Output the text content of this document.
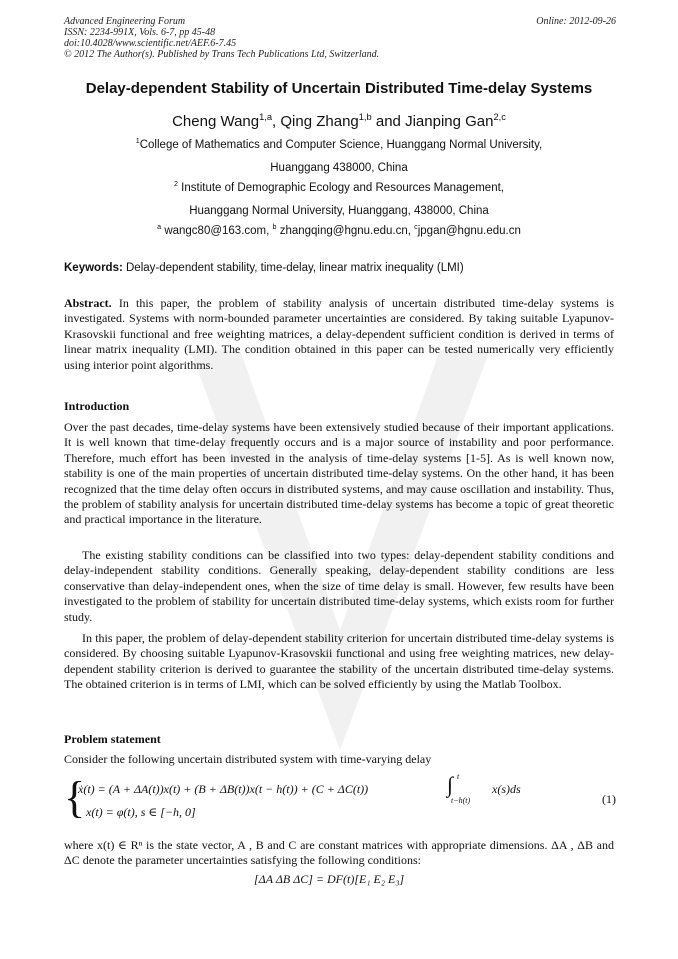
Advanced Engineering Forum
ISSN: 2234-991X, Vols. 6-7, pp 45-48
doi:10.4028/www.scientific.net/AEF.6-7.45
© 2012 The Author(s). Published by Trans Tech Publications Ltd, Switzerland.
Online: 2012-09-26
Delay-dependent Stability of Uncertain Distributed Time-delay Systems
Cheng Wang$^{1,a}$, Qing Zhang$^{1,b}$ and Jianping Gan$^{2,c}$
$^1$College of Mathematics and Computer Science, Huanggang Normal University,
Huanggang 438000, China
$^2$ Institute of Demographic Ecology and Resources Management,
Huanggang Normal University, Huanggang, 438000, China
$^a$ wangc80@163.com, $^b$ zhangqing@hgnu.edu.cn, $^c$jpgan@hgnu.edu.cn
Keywords: Delay-dependent stability, time-delay, linear matrix inequality (LMI)
Abstract. In this paper, the problem of stability analysis of uncertain distributed time-delay systems is investigated. Systems with norm-bounded parameter uncertainties are considered. By taking suitable Lyapunov-Krasovskii functional and free weighting matrices, a delay-dependent sufficient condition is derived in terms of linear matrix inequality (LMI). The condition obtained in this paper can be tested numerically very efficiently using interior point algorithms.
Introduction
Over the past decades, time-delay systems have been extensively studied because of their important applications. It is well known that time-delay frequently occurs and is a major source of instability and poor performance. Therefore, much effort has been invested in the analysis of time-delay systems [1-5]. As is well known now, stability is one of the main properties of uncertain distributed time-delay systems. On the other hand, it has been recognized that the time delay often occurs in distributed systems, and may cause oscillation and instability. Thus, the problem of stability analysis for uncertain distributed time-delay systems has become a topic of great theoretic and practical importance in the literature.
The existing stability conditions can be classified into two types: delay-dependent stability conditions and delay-independent stability conditions. Generally speaking, delay-dependent stability conditions are less conservative than delay-independent ones, when the size of time delay is small. However, few results have been investigated to the problem of stability for uncertain distributed time-delay systems, which exists room for further study.
In this paper, the problem of delay-dependent stability criterion for uncertain distributed time-delay systems is considered. By choosing suitable Lyapunov-Krasovskii functional and using free weighting matrices, new delay-dependent stability criterion is derived to guarantee the stability of the uncertain distributed time-delay systems. The obtained criterion is in terms of LMI, which can be solved efficiently by using the Matlab Toolbox.
Problem statement
Consider the following uncertain distributed system with time-varying delay
{
ẋ(t) = (A + ΔA(t))x(t) + (B + ΔB(t))x(t − h(t)) + (C + ΔC(t))	∫ t
t−h(t)
x(s)ds
x(t) = φ(t), s ∈ [−h, 0]
(1)
where x(t) ∈ Rⁿ is the state vector, A , B and C are constant matrices with appropriate dimensions. ΔA , ΔB and ΔC denote the parameter uncertainties satisfying the following conditions:
[ΔA ΔB ΔC] = DF(t)[E₁ E₂ E₃]
